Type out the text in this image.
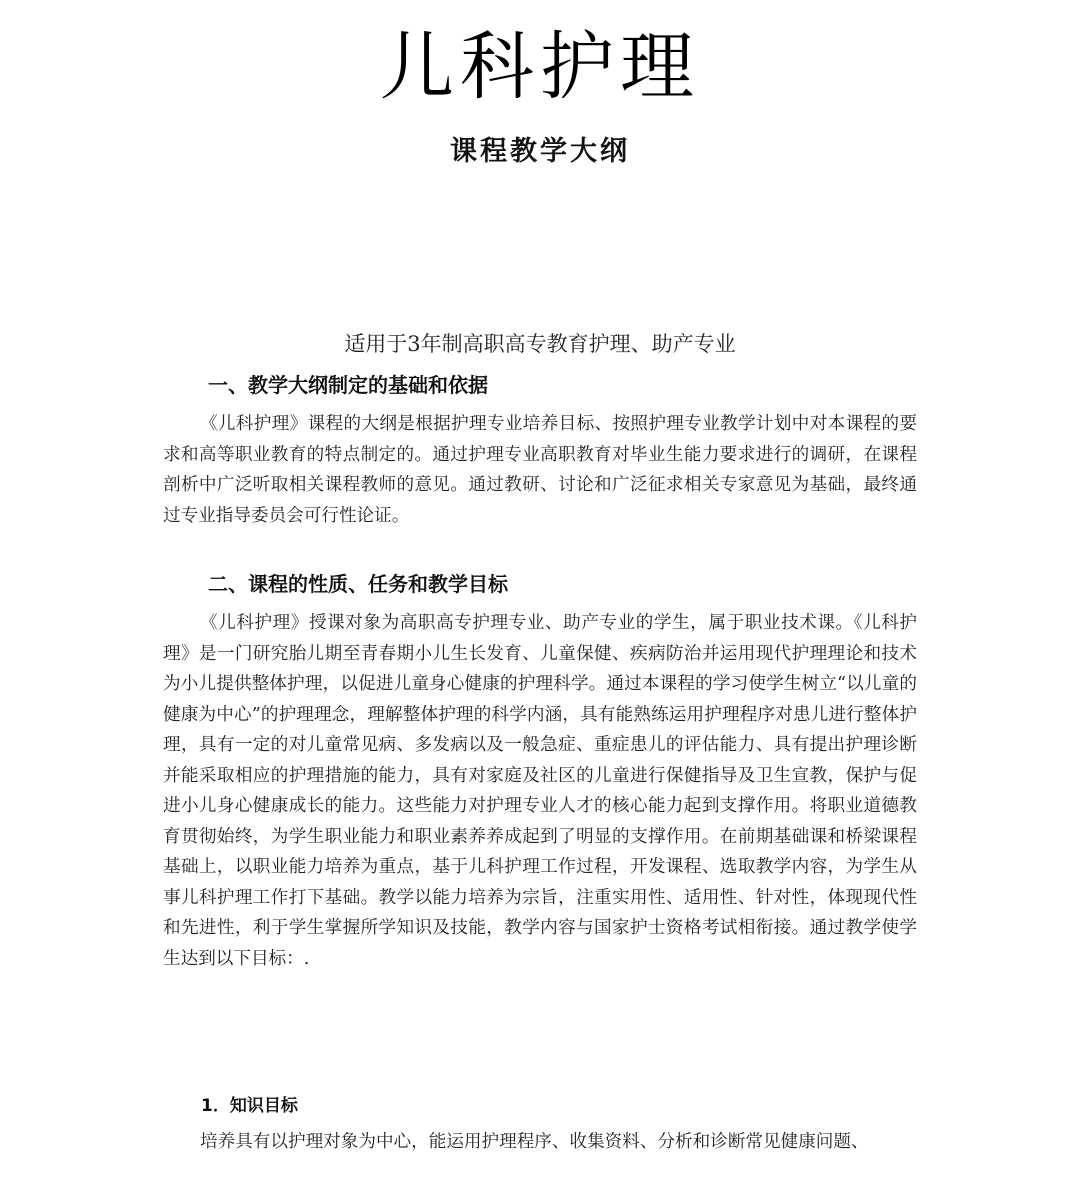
儿科护理
课程教学大纲
适用于3年制高职高专教育护理、助产专业
一、教学大纲制定的基础和依据

《儿科护理》课程的大纲是根据护理专业培养目标、按照护理专业教学计划中对本课程的要求和高等职业教育的特点制定的。通过护理专业高职教育对毕业生能力要求进行的调研，在课程剖析中广泛听取相关课程教师的意见。通过教研、讨论和广泛征求相关专家意见为基础，最终通过专业指导委员会可行性论证。

二、课程的性质、任务和教学目标

《儿科护理》授课对象为高职高专护理专业、助产专业的学生，属于职业技术课。《儿科护理》是一门研究胎儿期至青春期小儿生长发育、儿童保健、疾病防治并运用现代护理理论和技术为小儿提供整体护理，以促进儿童身心健康的护理科学。通过本课程的学习使学生树立“以儿童的健康为中心”的护理理念，理解整体护理的科学内涵，具有能熟练运用护理程序对患儿进行整体护理，具有一定的对儿童常见病、多发病以及一般急症、重症患儿的评估能力、具有提出护理诊断并能采取相应的护理措施的能力，具有对家庭及社区的儿童进行保健指导及卫生宣教，保护与促进小儿身心健康成长的能力。这些能力对护理专业人才的核心能力起到支撑作用。将职业道德教育贯彻始终，为学生职业能力和职业素养养成起到了明显的支撑作用。在前期基础课和桥梁课程基础上，以职业能力培养为重点，基于儿科护理工作过程，开发课程、选取教学内容，为学生从事儿科护理工作打下基础。教学以能力培养为宗旨，注重实用性、适用性、针对性，体现现代性和先进性，利于学生掌握所学知识及技能，教学内容与国家护士资格考试相衔接。通过教学使学生达到以下目标：.

1．知识目标

培养具有以护理对象为中心，能运用护理程序、收集资料、分析和诊断常见健康问题、
